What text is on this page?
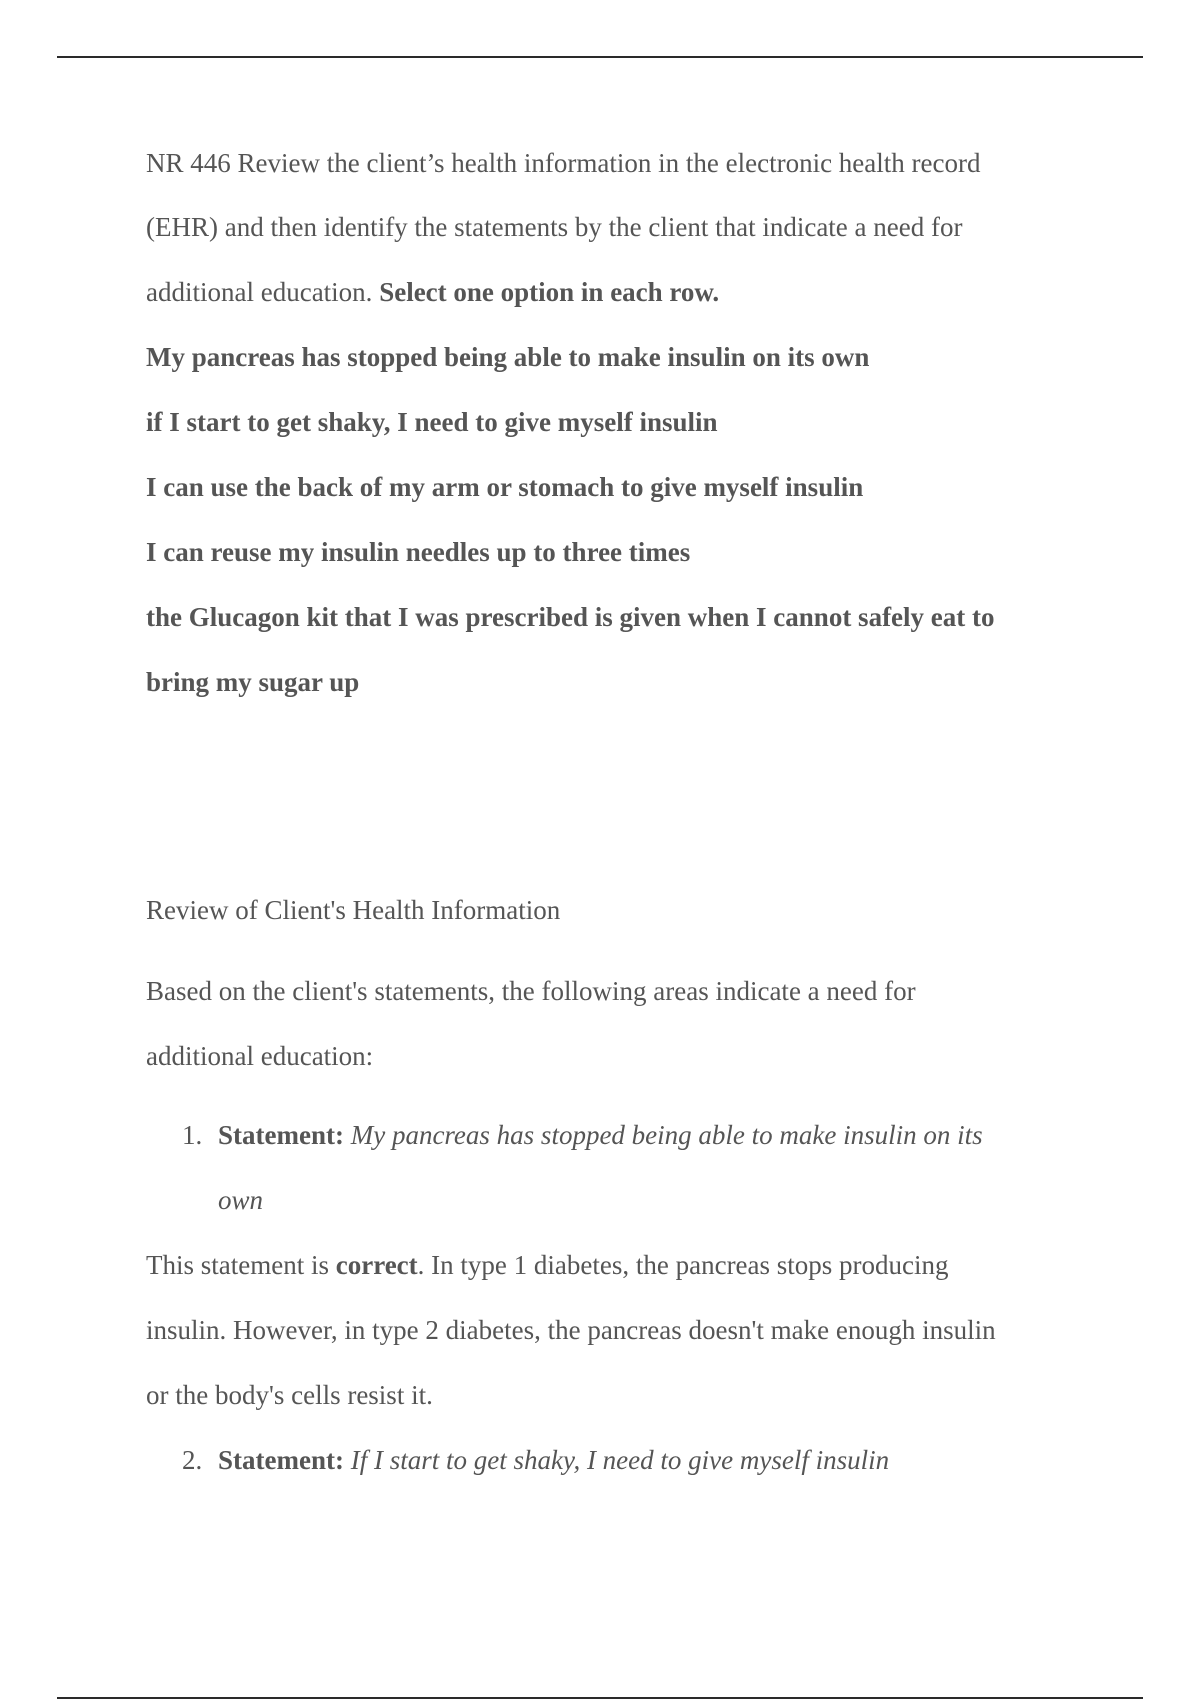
NR 446 Review the client’s health information in the electronic health record
(EHR) and then identify the statements by the client that indicate a need for
additional education. Select one option in each row.
My pancreas has stopped being able to make insulin on its own
if I start to get shaky, I need to give myself insulin
I can use the back of my arm or stomach to give myself insulin
I can reuse my insulin needles up to three times
the Glucagon kit that I was prescribed is given when I cannot safely eat to
bring my sugar up
Review of Client's Health Information
Based on the client's statements, the following areas indicate a need for
additional education:
1. Statement: My pancreas has stopped being able to make insulin on its
own
This statement is correct. In type 1 diabetes, the pancreas stops producing
insulin. However, in type 2 diabetes, the pancreas doesn't make enough insulin
or the body's cells resist it.
2. Statement: If I start to get shaky, I need to give myself insulin
